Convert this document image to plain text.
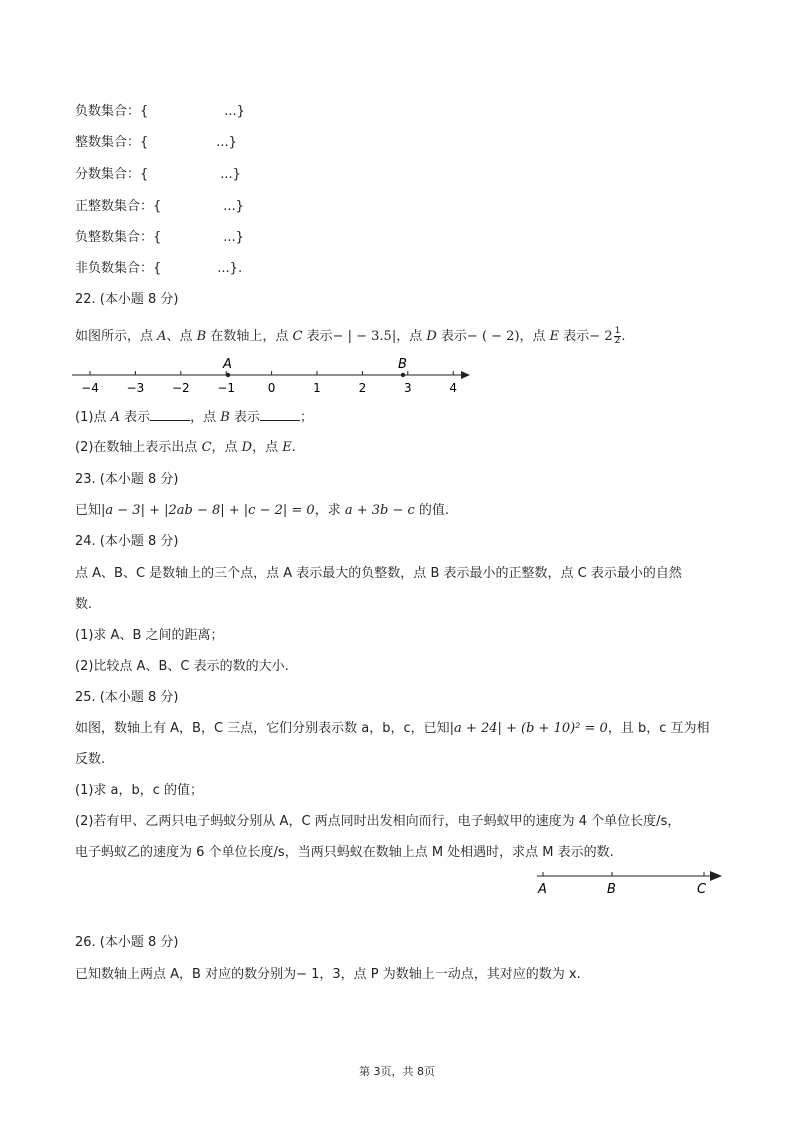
负数集合：{	...}
整数集合：{	...}
分数集合：{	...}
正整数集合：{	...}
负整数集合：{	...}
非负数集合：{	...}.
22. (本小题 8 分)
如图所示，点 A、点 B 在数轴上，点 C 表示− | − 3.5|，点 D 表示− ( − 2)，点 E 表示− $2 \frac{1}{2}$ .
−4 −3 −2 −1	0	1	2	3	4
A	B
(1)点 A 表示	，点 B 表示	；
(2)在数轴上表示出点 C，点 D，点 E.
23. (本小题 8 分)
已知|a − 3| + |2ab − 8| + |c − 2| = 0，求 a + 3b − c 的值.
24. (本小题 8 分)
点 A、B、C 是数轴上的三个点，点 A 表示最大的负整数，点 B 表示最小的正整数，点 C 表示最小的自然
数.
(1)求 A、B 之间的距离；
(2)比较点 A、B、C 表示的数的大小.
25. (本小题 8 分)
如图，数轴上有 A，B，C 三点，它们分别表示数 a，b，c，已知|a + 24| + (b + 10)² = 0，且 b，c 互为相
反数.
(1)求 a，b，c 的值；
(2)若有甲、乙两只电子蚂蚁分别从 A，C 两点同时出发相向而行，电子蚂蚁甲的速度为 4 个单位长度/s，
电子蚂蚁乙的速度为 6 个单位长度/s，当两只蚂蚁在数轴上点 M 处相遇时，求点 M 表示的数.
A	B	C
26. (本小题 8 分)
已知数轴上两点 A，B 对应的数分别为− 1，3，点 P 为数轴上一动点，其对应的数为 x.
第 3页，共 8页
